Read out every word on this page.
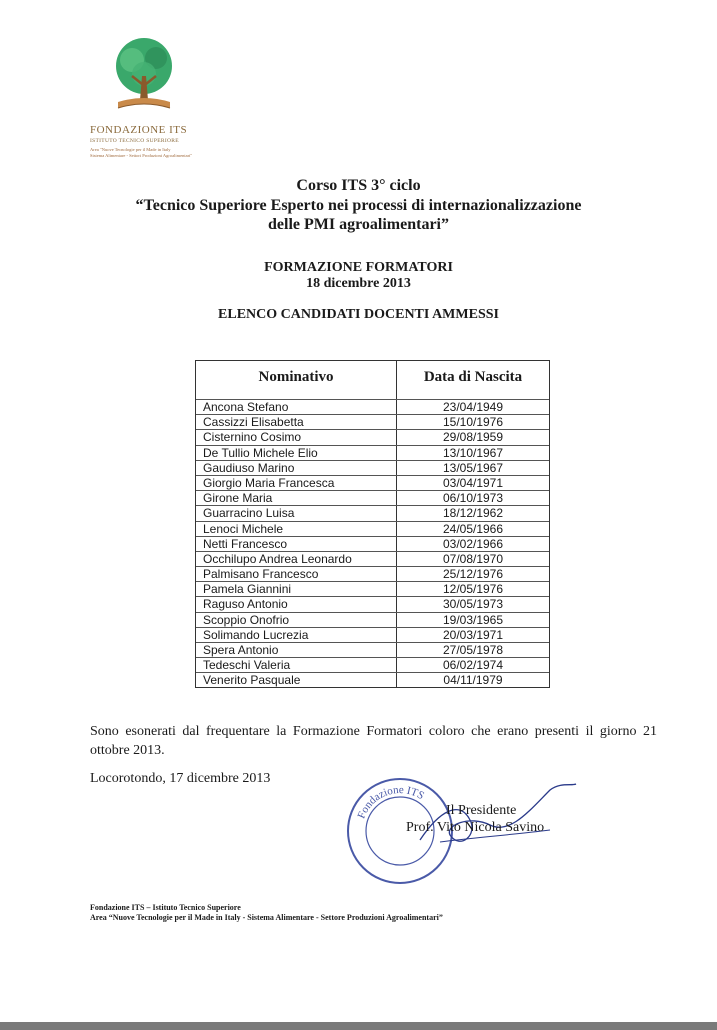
FONDAZIONE ITS
ISTITUTO TECNICO SUPERIORE
Area "Nuove Tecnologie per il Made in Italy
Sistema Alimentare - Settori Produzioni Agroalimentari"
Corso ITS 3° ciclo
“Tecnico Superiore Esperto nei processi di internazionalizzazione
delle PMI agroalimentari”
FORMAZIONE FORMATORI
18 dicembre 2013
ELENCO CANDIDATI DOCENTI AMMESSI
Nominativo	Data di Nascita
Ancona Stefano	23/04/1949
Cassizzi Elisabetta	15/10/1976
Cisternino Cosimo	29/08/1959
De Tullio Michele Elio	13/10/1967
Gaudiuso Marino	13/05/1967
Giorgio Maria Francesca	03/04/1971
Girone Maria	06/10/1973
Guarracino Luisa	18/12/1962
Lenoci Michele	24/05/1966
Netti Francesco	03/02/1966
Occhilupo Andrea Leonardo	07/08/1970
Palmisano Francesco	25/12/1976
Pamela Giannini	12/05/1976
Raguso Antonio	30/05/1973
Scoppio Onofrio	19/03/1965
Solimando Lucrezia	20/03/1971
Spera Antonio	27/05/1978
Tedeschi Valeria	06/02/1974
Venerito Pasquale	04/11/1979
Sono esonerati dal frequentare la Formazione Formatori coloro che erano presenti il giorno 21 ottobre 2013.
Locorotondo, 17 dicembre 2013
Fondazione ITS
Il Presidente
Prof. Vito Nicola Savino
Fondazione ITS – Istituto Tecnico Superiore
Area “Nuove Tecnologie per il Made in Italy - Sistema Alimentare - Settore Produzioni Agroalimentari”
